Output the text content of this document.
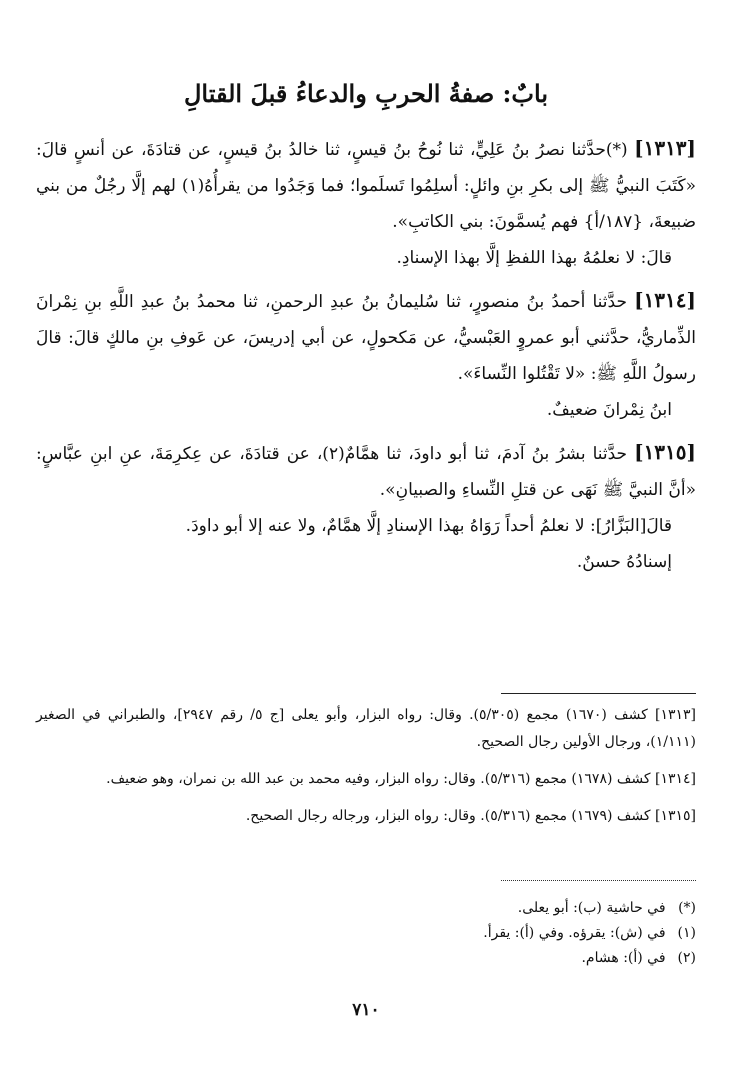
بابٌ: صفةُ الحربِ والدعاءُ قبلَ القتالِ

[١٣١٣] (*)حدَّثنا نصرُ بنُ عَلِيٍّ، ثنا نُوحُ بنُ قيسٍ، ثنا خالدُ بنُ قيسٍ، عن قتادَةَ، عن أنسٍ قالَ: «كَتَبَ النبيُّ ﷺ إلى بكرِ بنِ وائلٍ: أسلِمُوا تَسلَموا؛ فما وَجَدُوا من يقرأُهُ(١) لهم إلَّا رجُلٌ من بني ضبيعةَ، {١٨٧/أ} فهم يُسمَّونَ: بني الكاتبِ».

قالَ: لا نعلمُهُ بهذا اللفظِ إلَّا بهذا الإسنادِ.

[١٣١٤] حدَّثنا أحمدُ بنُ منصورٍ، ثنا سُليمانُ بنُ عبدِ الرحمنِ، ثنا محمدُ بنُ عبدِ اللَّهِ بنِ نِمْرانَ الذِّماريُّ، حدَّثني أبو عمروٍ العَبْسيُّ، عن مَكحولٍ، عن أبي إدريسَ، عن عَوفِ بنِ مالكٍ قالَ: قالَ رسولُ اللَّهِ ﷺ: «لا تَقْتُلوا النِّساءَ».

ابنُ نِمْرانَ ضعيفٌ.

[١٣١٥] حدَّثنا بشرُ بنُ آدمَ، ثنا أبو داودَ، ثنا همَّامٌ(٢)، عن قتادَةَ، عن عِكرِمَةَ، عنِ ابنِ عبَّاسٍ: «أنَّ النبيَّ ﷺ نَهَى عن قتلِ النِّساءِ والصبيانِ».

قالَ[البَزَّارُ]: لا نعلمُ أحداً رَوَاهُ بهذا الإسنادِ إلَّا همَّامٌ، ولا عنه إلا أبو داودَ.

إسنادُهُ حسنٌ.

[١٣١٣] كشف (١٦٧٠) مجمع (٥/٣٠٥). وقال: رواه البزار، وأبو يعلى [ج ٥/ رقم ٢٩٤٧]، والطبراني في الصغير (١/١١١)، ورجال الأولين رجال الصحيح.

[١٣١٤] كشف (١٦٧٨) مجمع (٥/٣١٦). وقال: رواه البزار، وفيه محمد بن عبد الله بن نمران، وهو ضعيف.

[١٣١٥] كشف (١٦٧٩) مجمع (٥/٣١٦). وقال: رواه البزار، ورجاله رجال الصحيح.

(*) في حاشية (ب): أبو يعلى.
(١) في (ش): يقرؤه. وفي (أ): يقرأ.
(٢) في (أ): هشام.
٧١٠
